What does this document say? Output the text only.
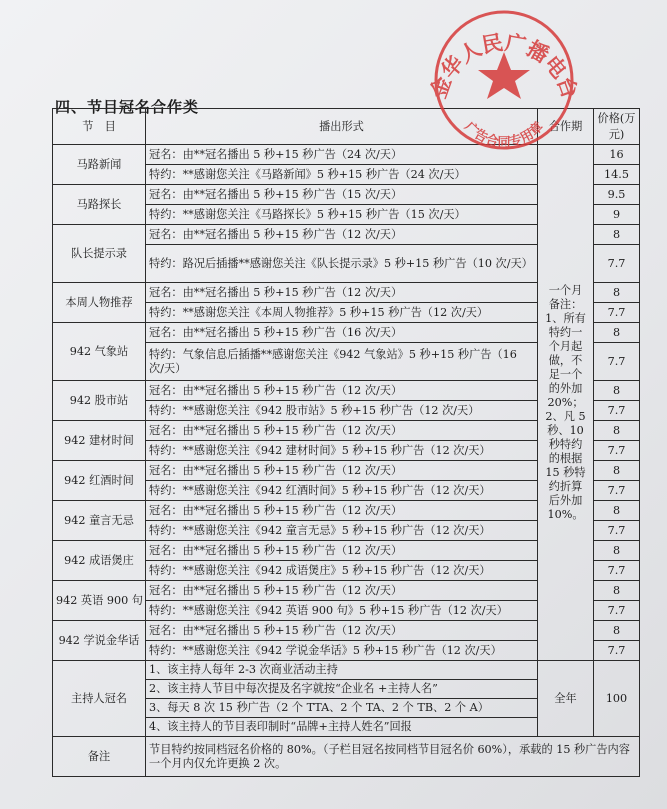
四、节目冠名合作类
节　目	播出形式	合作期	价格(万元)
马路新闻	冠名：由**冠名播出 5 秒+15 秒广告（24 次/天）	一个月 备注：1、所有特约一个月起做，不足一个的外加 20%；2、凡 5 秒、10 秒特约的根据 15 秒特约折算后外加 10%。	16
	特约：**感谢您关注《马路新闻》5 秒+15 秒广告（24 次/天）		14.5
马路探长	冠名：由**冠名播出 5 秒+15 秒广告（15 次/天）		9.5
	特约：**感谢您关注《马路探长》5 秒+15 秒广告（15 次/天）		9
队长提示录	冠名：由**冠名播出 5 秒+15 秒广告（12 次/天）		8
	特约：路况后插播**感谢您关注《队长提示录》5 秒+15 秒广告（10 次/天）		7.7
本周人物推荐	冠名：由**冠名播出 5 秒+15 秒广告（12 次/天）		8
	特约：**感谢您关注《本周人物推荐》5 秒+15 秒广告（12 次/天）		7.7
942 气象站	冠名：由**冠名播出 5 秒+15 秒广告（16 次/天）		8
	特约：气象信息后插播**感谢您关注《942 气象站》5 秒+15 秒广告（16 次/天）		7.7
942 股市站	冠名：由**冠名播出 5 秒+15 秒广告（12 次/天）		8
	特约：**感谢您关注《942 股市站》5 秒+15 秒广告（12 次/天）		7.7
942 建材时间	冠名：由**冠名播出 5 秒+15 秒广告（12 次/天）		8
	特约：**感谢您关注《942 建材时间》5 秒+15 秒广告（12 次/天）		7.7
942 红酒时间	冠名：由**冠名播出 5 秒+15 秒广告（12 次/天）		8
	特约：**感谢您关注《942 红酒时间》5 秒+15 秒广告（12 次/天）		7.7
942 童言无忌	冠名：由**冠名播出 5 秒+15 秒广告（12 次/天）		8
	特约：**感谢您关注《942 童言无忌》5 秒+15 秒广告（12 次/天）		7.7
942 成语煲庄	冠名：由**冠名播出 5 秒+15 秒广告（12 次/天）		8
	特约：**感谢您关注《942 成语煲庄》5 秒+15 秒广告（12 次/天）		7.7
942 英语 900 句	冠名：由**冠名播出 5 秒+15 秒广告（12 次/天）		8
	特约：**感谢您关注《942 英语 900 句》5 秒+15 秒广告（12 次/天）		7.7
942 学说金华话	冠名：由**冠名播出 5 秒+15 秒广告（12 次/天）		8
	特约：**感谢您关注《942 学说金华话》5 秒+15 秒广告（12 次/天）		7.7
主持人冠名	1、该主持人每年 2-3 次商业活动主持	全年	100
	2、该主持人节目中每次提及名字就按“企业名 +主持人名”		
	3、每天 8 次 15 秒广告（2 个 TTA、2 个 TA、2 个 TB、2 个 A）		
	4、该主持人的节目表印制时“品牌+主持人姓名”回报		
备注	节目特约按同档冠名价格的 80%。（子栏目冠名按同档节目冠名价 60%），承载的 15 秒广告内容一个月内仅允许更换 2 次。		
金华人民广播电台
广告合同专用章
